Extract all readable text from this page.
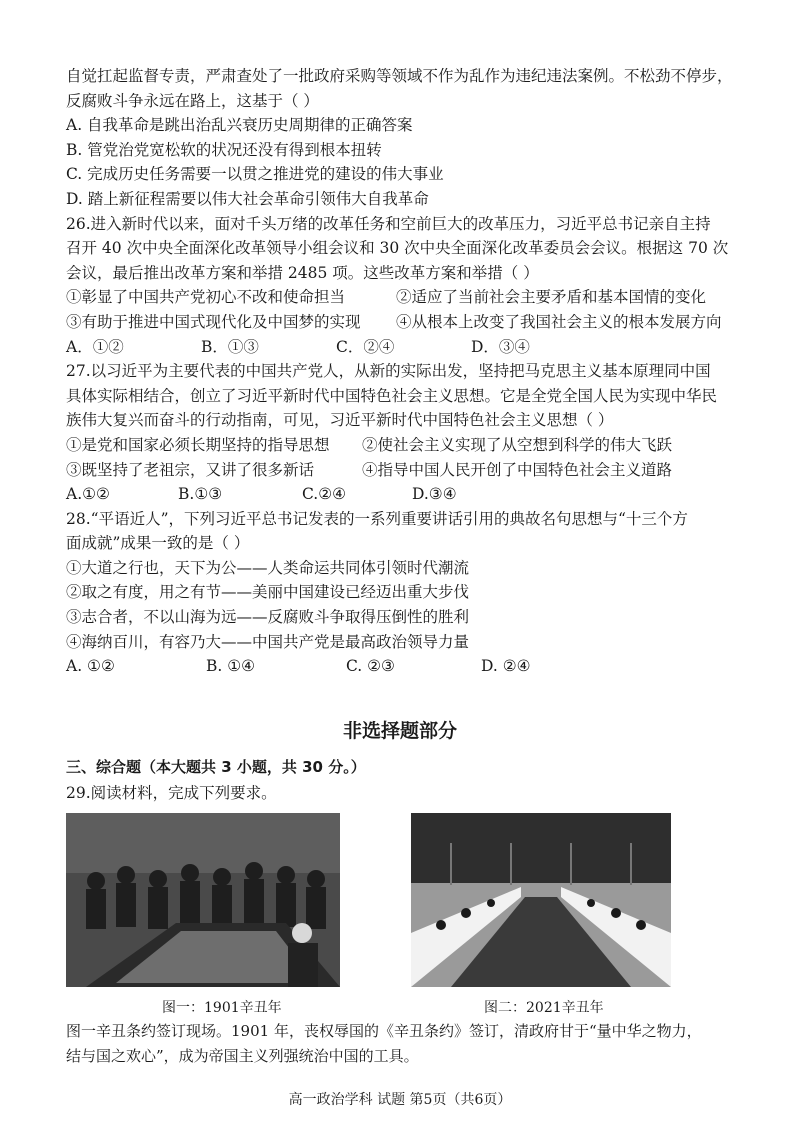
自觉扛起监督专责，严肃查处了一批政府采购等领域不作为乱作为违纪违法案例。不松劲不停步，
反腐败斗争永远在路上，这基于（ ）
A. 自我革命是跳出治乱兴衰历史周期律的正确答案
B. 管党治党宽松软的状况还没有得到根本扭转
C. 完成历史任务需要一以贯之推进党的建设的伟大事业
D. 踏上新征程需要以伟大社会革命引领伟大自我革命
26.进入新时代以来，面对千头万绪的改革任务和空前巨大的改革压力，习近平总书记亲自主持
召开 40 次中央全面深化改革领导小组会议和 30 次中央全面深化改革委员会会议。根据这 70 次
会议，最后推出改革方案和举措 2485 项。这些改革方案和举措（ ）
①彰显了中国共产党初心不改和使命担当	②适应了当前社会主要矛盾和基本国情的变化
③有助于推进中国式现代化及中国梦的实现	④从根本上改变了我国社会主义的根本发展方向
A．①②	B．①③	C．②④	D．③④
27.以习近平为主要代表的中国共产党人，从新的实际出发，坚持把马克思主义基本原理同中国
具体实际相结合，创立了习近平新时代中国特色社会主义思想。它是全党全国人民为实现中华民
族伟大复兴而奋斗的行动指南，可见，习近平新时代中国特色社会主义思想（ ）
①是党和国家必须长期坚持的指导思想	②使社会主义实现了从空想到科学的伟大飞跃
③既坚持了老祖宗，又讲了很多新话	④指导中国人民开创了中国特色社会主义道路
A.①②	B.①③	C.②④	D.③④
28.“平语近人”，下列习近平总书记发表的一系列重要讲话引用的典故名句思想与“十三个方
面成就”成果一致的是（ ）
①大道之行也，天下为公——人类命运共同体引领时代潮流
②取之有度，用之有节——美丽中国建设已经迈出重大步伐
③志合者，不以山海为远——反腐败斗争取得压倒性的胜利
④海纳百川，有容乃大——中国共产党是最高政治领导力量
A. ①②	B. ①④	C. ②③	D. ②④
非选择题部分
三、综合题（本大题共 3 小题，共 30 分。）
29.阅读材料，完成下列要求。
图一：1901辛丑年	图二：2021辛丑年
图一辛丑条约签订现场。1901 年，丧权辱国的《辛丑条约》签订，清政府甘于“量中华之物力，
结与国之欢心”，成为帝国主义列强统治中国的工具。
高一政治学科 试题 第5页（共6页）
